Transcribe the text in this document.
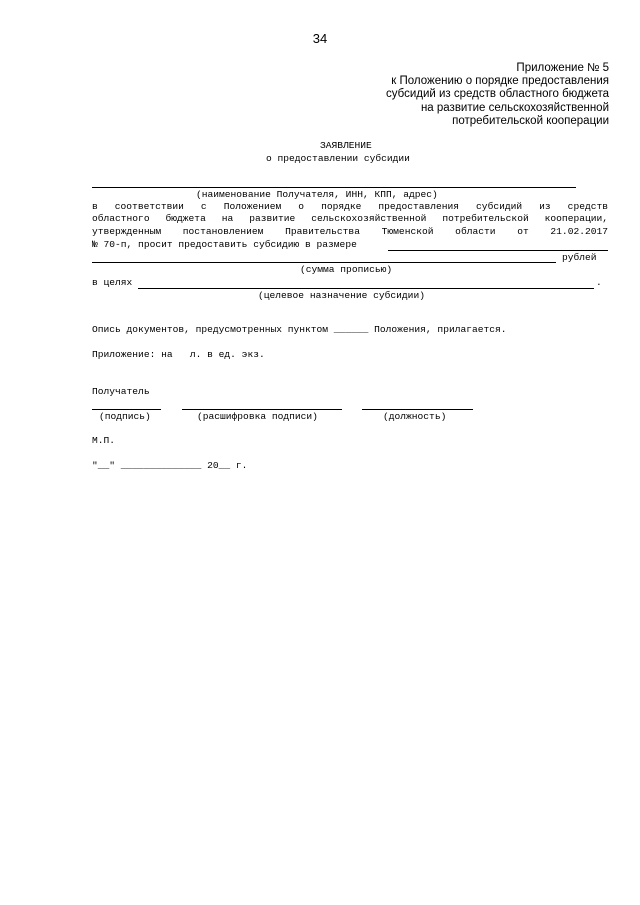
34
Приложение № 5
к Положению о порядке предоставления
субсидий из средств областного бюджета
на развитие сельскохозяйственной
потребительской кооперации
ЗАЯВЛЕНИЕ
о предоставлении субсидии
(наименование Получателя, ИНН, КПП, адрес)
в соответствии с Положением о порядке предоставления субсидий из средств
областного бюджета на развитие сельскохозяйственной потребительской кооперации,
утвержденным постановлением Правительства Тюменской области от 21.02.2017
№ 70-п, просит предоставить субсидию в размере
рублей
(сумма прописью)
в целях	.
(целевое назначение субсидии)
Опись документов, предусмотренных пунктом ______ Положения, прилагается.
Приложение: на   л. в ед. экз.
Получатель
(подпись)	(расшифровка подписи)	(должность)
М.П.
"__" ______________ 20__ г.
